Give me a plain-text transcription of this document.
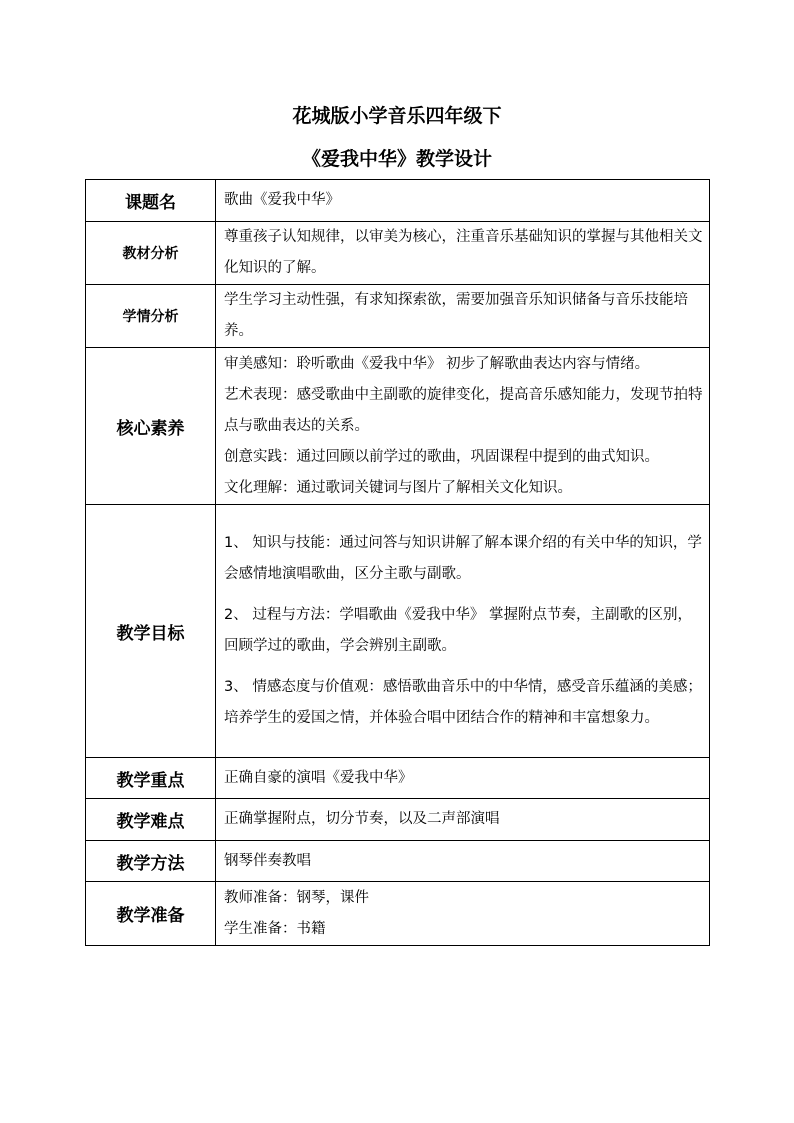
花城版小学音乐四年级下
《爱我中华》教学设计
课题名	歌曲《爱我中华》
教材分析	尊重孩子认知规律，以审美为核心，注重音乐基础知识的掌握与其他相关文化知识的了解。
学情分析	学生学习主动性强，有求知探索欲，需要加强音乐知识储备与音乐技能培养。
核心素养	审美感知：聆听歌曲《爱我中华》 初步了解歌曲表达内容与情绪。
艺术表现：感受歌曲中主副歌的旋律变化，提高音乐感知能力，发现节拍特点与歌曲表达的关系。
创意实践：通过回顾以前学过的歌曲，巩固课程中提到的曲式知识。
文化理解：通过歌词关键词与图片了解相关文化知识。

教学目标	1、 知识与技能：通过问答与知识讲解了解本课介绍的有关中华的知识，学会感情地演唱歌曲，区分主歌与副歌。
2、 过程与方法：学唱歌曲《爱我中华》 掌握附点节奏，主副歌的区别，回顾学过的歌曲，学会辨别主副歌。
3、 情感态度与价值观：感悟歌曲音乐中的中华情，感受音乐蕴涵的美感；培养学生的爱国之情，并体验合唱中团结合作的精神和丰富想象力。

教学重点	正确自豪的演唱《爱我中华》
教学难点	正确掌握附点，切分节奏，以及二声部演唱
教学方法	钢琴伴奏教唱
教学准备	教师准备：钢琴，课件
学生准备：书籍
